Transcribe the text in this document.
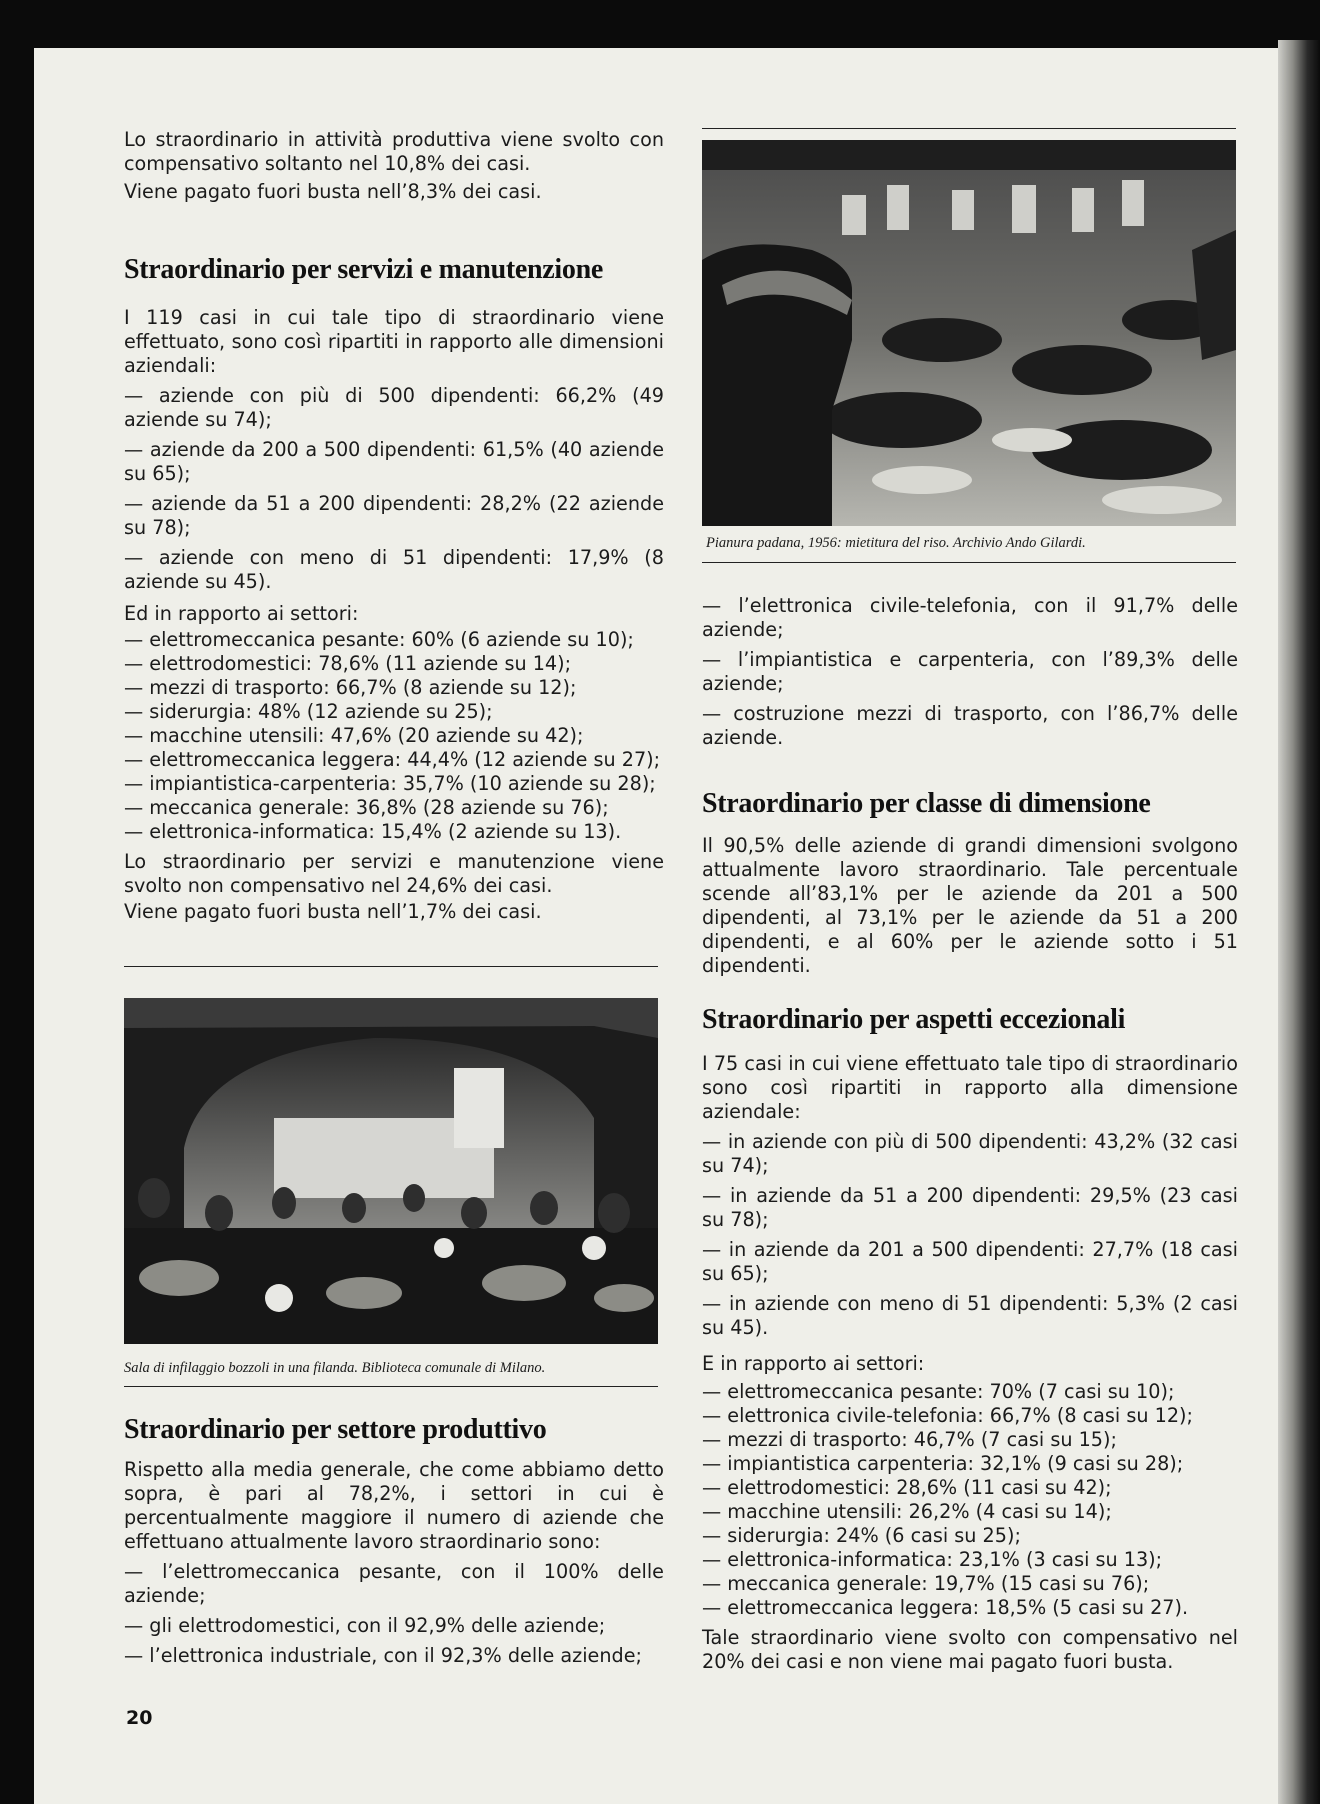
Lo straordinario in attività produttiva viene svolto con compensativo soltanto nel 10,8% dei casi.

Viene pagato fuori busta nell’8,3% dei casi.

Straordinario per servizi e manutenzione

I 119 casi in cui tale tipo di straordinario viene effettuato, sono così ripartiti in rapporto alle dimensioni aziendali:

— aziende con più di 500 dipendenti: 66,2% (49 aziende su 74);

— aziende da 200 a 500 dipendenti: 61,5% (40 aziende su 65);

— aziende da 51 a 200 dipendenti: 28,2% (22 aziende su 78);

— aziende con meno di 51 dipendenti: 17,9% (8 aziende su 45).

Ed in rapporto ai settori:

— elettromeccanica pesante: 60% (6 aziende su 10);
— elettrodomestici: 78,6% (11 aziende su 14);
— mezzi di trasporto: 66,7% (8 aziende su 12);
— siderurgia: 48% (12 aziende su 25);
— macchine utensili: 47,6% (20 aziende su 42);
— elettromeccanica leggera: 44,4% (12 aziende su 27);
— impiantistica-carpenteria: 35,7% (10 aziende su 28);
— meccanica generale: 36,8% (28 aziende su 76);
— elettronica-informatica: 15,4% (2 aziende su 13).

Lo straordinario per servizi e manutenzione viene svolto non compensativo nel 24,6% dei casi.

Viene pagato fuori busta nell’1,7% dei casi.

Sala di infilaggio bozzoli in una filanda. Biblioteca comunale di Milano.
Straordinario per settore produttivo

Rispetto alla media generale, che come abbiamo detto sopra, è pari al 78,2%, i settori in cui è percentualmente maggiore il numero di aziende che effettuano attualmente lavoro straordinario sono:

— l’elettromeccanica pesante, con il 100% delle aziende;

— gli elettrodomestici, con il 92,9% delle aziende;

— l’elettronica industriale, con il 92,3% delle aziende;

20
Pianura padana, 1956: mietitura del riso. Archivio Ando Gilardi.

— l’elettronica civile-telefonia, con il 91,7% delle aziende;

— l’impiantistica e carpenteria, con l’89,3% delle aziende;

— costruzione mezzi di trasporto, con l’86,7% delle aziende.

Straordinario per classe di dimensione

Il 90,5% delle aziende di grandi dimensioni svolgono attualmente lavoro straordinario. Tale percentuale scende all’83,1% per le aziende da 201 a 500 dipendenti, al 73,1% per le aziende da 51 a 200 dipendenti, e al 60% per le aziende sotto i 51 dipendenti.

Straordinario per aspetti eccezionali

I 75 casi in cui viene effettuato tale tipo di straordinario sono così ripartiti in rapporto alla dimensione aziendale:

— in aziende con più di 500 dipendenti: 43,2% (32 casi su 74);

— in aziende da 51 a 200 dipendenti: 29,5% (23 casi su 78);

— in aziende da 201 a 500 dipendenti: 27,7% (18 casi su 65);

— in aziende con meno di 51 dipendenti: 5,3% (2 casi su 45).

E in rapporto ai settori:

— elettromeccanica pesante: 70% (7 casi su 10);
— elettronica civile-telefonia: 66,7% (8 casi su 12);
— mezzi di trasporto: 46,7% (7 casi su 15);
— impiantistica carpenteria: 32,1% (9 casi su 28);
— elettrodomestici: 28,6% (11 casi su 42);
— macchine utensili: 26,2% (4 casi su 14);
— siderurgia: 24% (6 casi su 25);
— elettronica-informatica: 23,1% (3 casi su 13);
— meccanica generale: 19,7% (15 casi su 76);
— elettromeccanica leggera: 18,5% (5 casi su 27).

Tale straordinario viene svolto con compensativo nel 20% dei casi e non viene mai pagato fuori busta.
